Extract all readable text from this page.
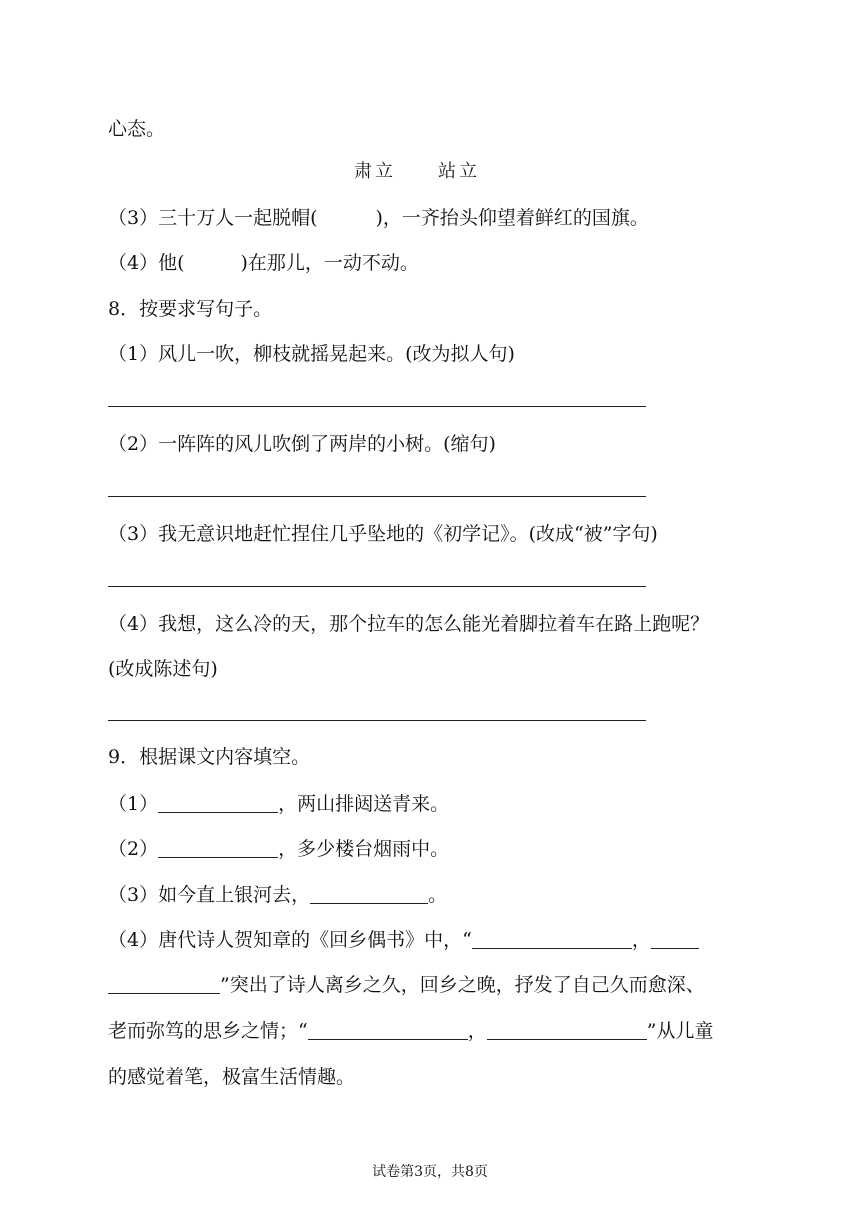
心态。
肃立 站立
（3）三十万人一起脱帽(	)，一齐抬头仰望着鲜红的国旗。
（4）他(	)在那儿，一动不动。
8．按要求写句子。
（1）风儿一吹，柳枝就摇晃起来。(改为拟人句)
（2）一阵阵的风儿吹倒了两岸的小树。(缩句)
（3）我无意识地赶忙捏住几乎坠地的《初学记》。(改成“被”字句)
（4）我想，这么冷的天，那个拉车的怎么能光着脚拉着车在路上跑呢？
(改成陈述句)
9．根据课文内容填空。
（1）	，两山排闼送青来。
（2）	，多少楼台烟雨中。
（3）如今直上银河去，	。
（4）唐代诗人贺知章的《回乡偶书》中，“	，
”突出了诗人离乡之久，回乡之晚，抒发了自己久而愈深、
老而弥笃的思乡之情；“	，	”从儿童
的感觉着笔，极富生活情趣。
试卷第3页，共8页
